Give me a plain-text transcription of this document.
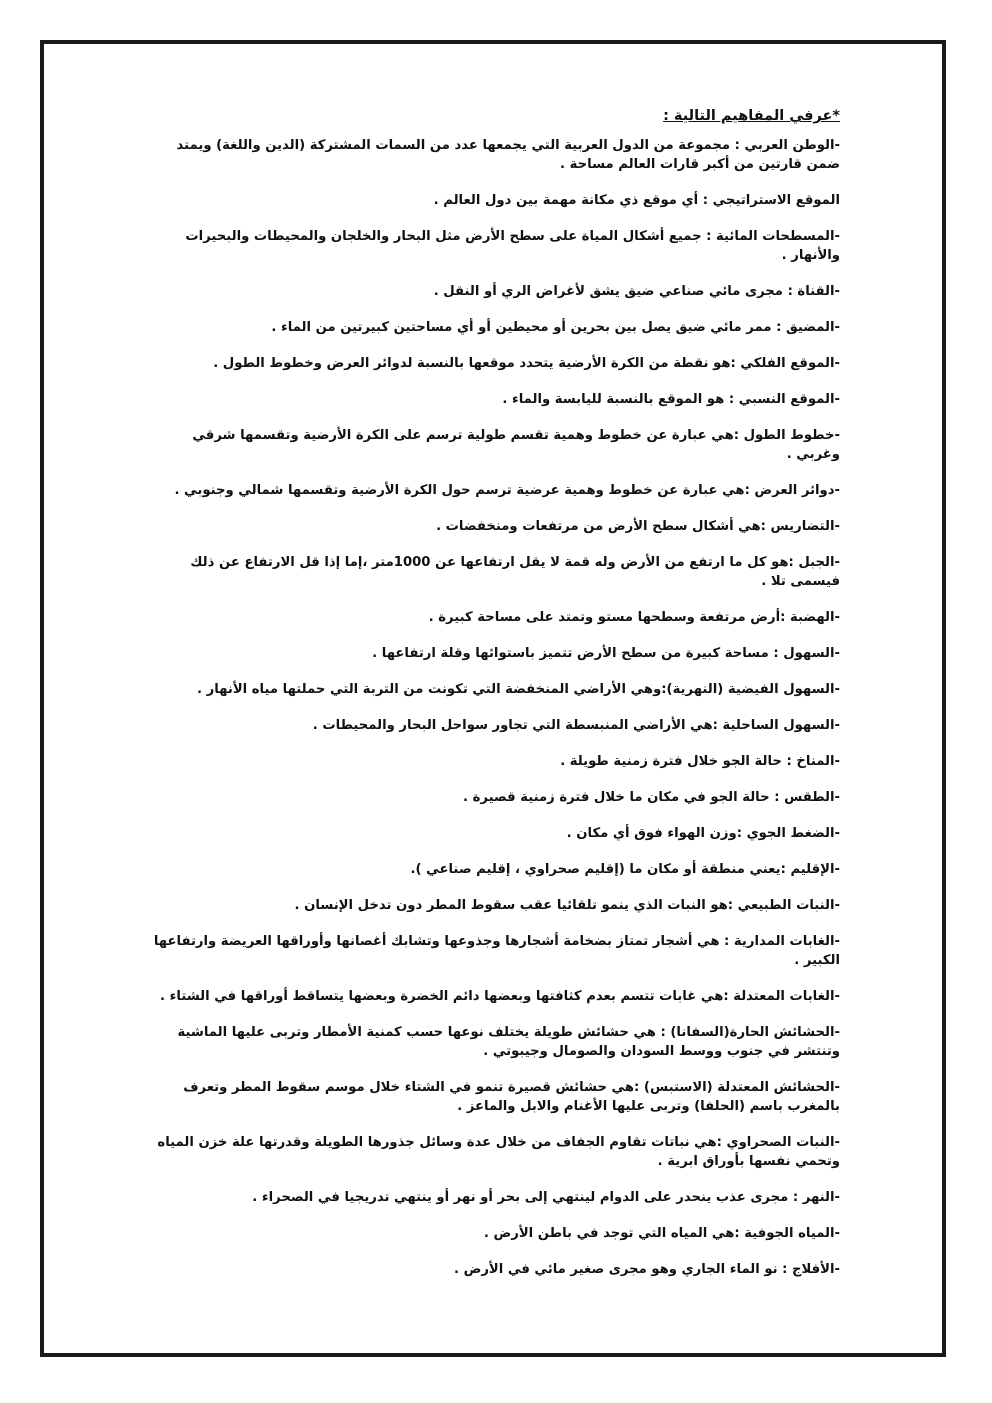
*عرفي المفاهيم التالية :
-الوطن العربي : مجموعة من الدول العربية التي يجمعها عدد من السمات المشتركة (الدين واللغة) ويمتد ضمن قارتين من أكبر قارات العالم مساحة .
الموقع الاستراتيجي : أي موقع ذي مكانة مهمة بين دول العالم .
-المسطحات المائية : جميع أشكال المياة على سطح الأرض مثل البحار والخلجان والمحيطات والبحيرات والأنهار .
-القناة : مجرى مائي صناعي ضيق يشق لأغراض الري أو النقل .
-المضيق : ممر مائي ضيق يصل بين بحرين أو محيطين أو أي مساحتين كبيرتين من الماء .
-الموقع الفلكي :هو نقطة من الكرة الأرضية يتحدد موقعها بالنسبة لدوائر العرض وخطوط الطول .
-الموقع النسبي : هو الموقع بالنسبة لليابسة والماء .
-خطوط الطول :هي عبارة عن خطوط وهمية تقسم طولية ترسم على الكرة الأرضية وتقسمها شرقي وغربي .
-دوائر العرض :هي عبارة عن خطوط وهمية عرضية ترسم حول الكرة الأرضية وتقسمها شمالي وجنوبي .
-التضاريس :هي أشكال سطح الأرض من مرتفعات ومنخفضات .
-الجبل :هو كل ما ارتفع من الأرض وله قمة لا يقل ارتفاعها عن 1000متر ،إما إذا قل الارتفاع عن ذلك فيسمى تلا .
-الهضبة :أرض مرتفعة وسطحها مستو وتمتد على مساحة كبيرة .
-السهول : مساحة كبيرة من سطح الأرض تتميز باستوائها وقلة ارتفاعها .
-السهول الفيضية (النهرية):وهي الأراضي المنخفضة التي تكونت من التربة التي حملتها مياه الأنهار .
-السهول الساحلية :هي الأراضي المنبسطة التي تجاور سواحل البحار والمحيطات .
-المناخ : حالة الجو خلال فترة زمنية طويلة .
-الطقس : حالة الجو في مكان ما خلال فترة زمنية قصيرة .
-الضغط الجوي :وزن الهواء فوق أي مكان .
-الإقليم :يعني منطقة أو مكان ما (إقليم صحراوي ، إقليم صناعي ).
-النبات الطبيعي :هو النبات الذي ينمو تلقائيا عقب سقوط المطر دون تدخل الإنسان .
-الغابات المدارية : هي أشجار تمتاز بضخامة أشجارها وجذوعها وتشابك أغصانها وأوراقها العريضة وارتفاعها الكبير .
-الغابات المعتدلة :هي غابات تتسم بعدم كثافتها وبعضها دائم الخضرة وبعضها يتساقط أوراقها في الشتاء .
-الحشائش الحارة(السفانا) : هي حشائش طويلة يختلف نوعها حسب كمنية الأمطار وتربى عليها الماشية وتنتشر في جنوب ووسط السودان والصومال وجيبوتي .
-الحشائش المعتدلة (الاستبس) :هي حشائش قصيرة تنمو في الشتاء خلال موسم سقوط المطر وتعرف بالمغرب باسم (الحلفا) وتربى عليها الأغنام والابل والماعز .
-النبات الصحراوي :هي نباتات تقاوم الجفاف من خلال عدة وسائل جذورها الطويلة وقدرتها علة خزن المياه وتحمي نفسها بأوراق ابرية .
-النهر : مجرى عذب ينحدر على الدوام لينتهي إلى بحر أو نهر أو ينتهي تدريجيا في الصحراء .
-المياه الجوفية :هي المياه التي توجد في باطن الأرض .
-الأفلاج : نو الماء الجاري وهو مجرى صغير مائي في الأرض .
